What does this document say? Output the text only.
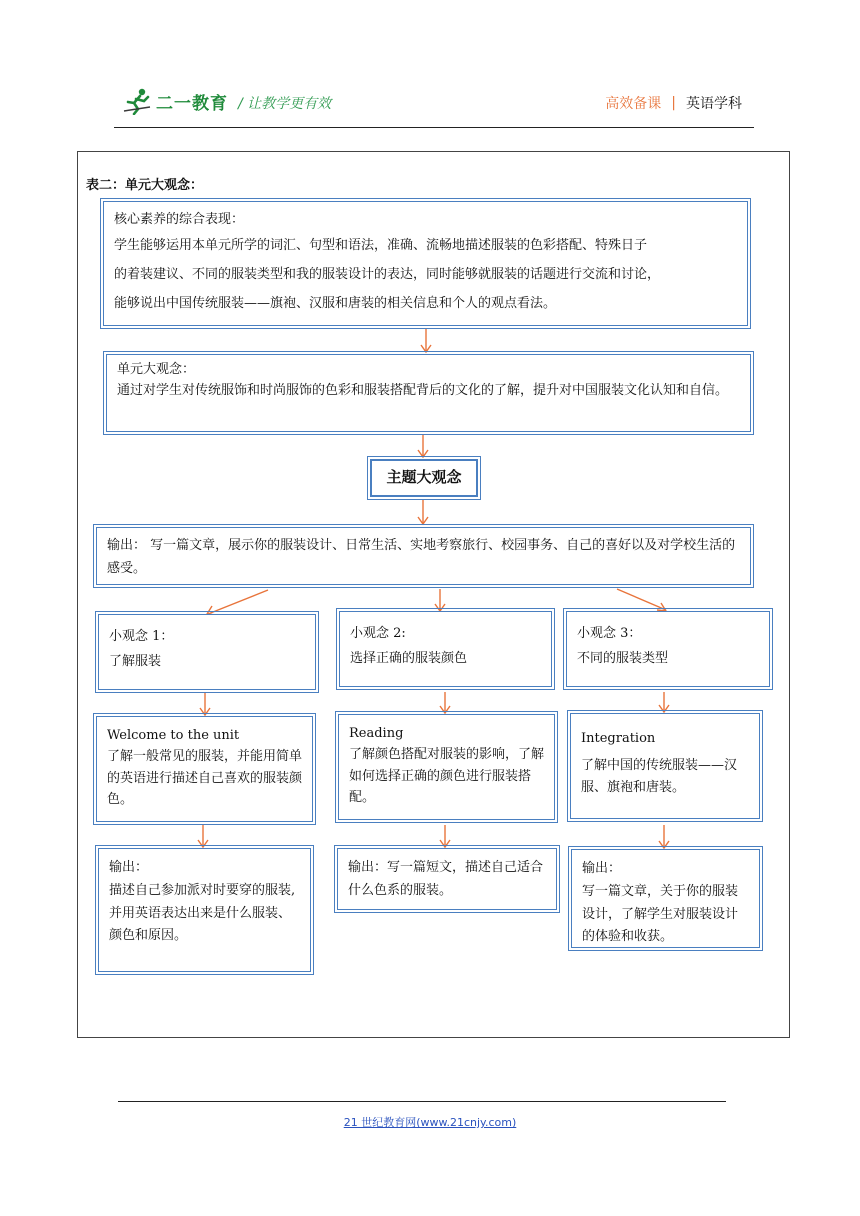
二一教育 / 让教学更有效	高效备课 | 英语学科
表二：单元大观念：
核心素养的综合表现：
学生能够运用本单元所学的词汇、句型和语法，准确、流畅地描述服装的色彩搭配、特殊日子
的着装建议、不同的服装类型和我的服装设计的表达，同时能够就服装的话题进行交流和讨论，
能够说出中国传统服装——旗袍、汉服和唐装的相关信息和个人的观点看法。
单元大观念：
通过对学生对传统服饰和时尚服饰的色彩和服装搭配背后的文化的了解，提升对中国服装文化认知和自信。
主题大观念
输出： 写一篇文章，展示你的服装设计、日常生活、实地考察旅行、校园事务、自己的喜好以及对学校生活的感受。
小观念 1：
了解服装
小观念 2:
选择正确的服装颜色
小观念 3：
不同的服装类型
Welcome to the unit
了解一般常见的服装，并能用简单的英语进行描述自己喜欢的服装颜色。
Reading
了解颜色搭配对服装的影响，了解如何选择正确的颜色进行服装搭配。
Integration
了解中国的传统服装——汉服、旗袍和唐装。
输出：
描述自己参加派对时要穿的服装,并用英语表达出来是什么服装、颜色和原因。
输出：写一篇短文，描述自己适合什么色系的服装。
输出：
写一篇文章，关于你的服装设计，了解学生对服装设计的体验和收获。
21 世纪教育网(www.21cnjy.com)
